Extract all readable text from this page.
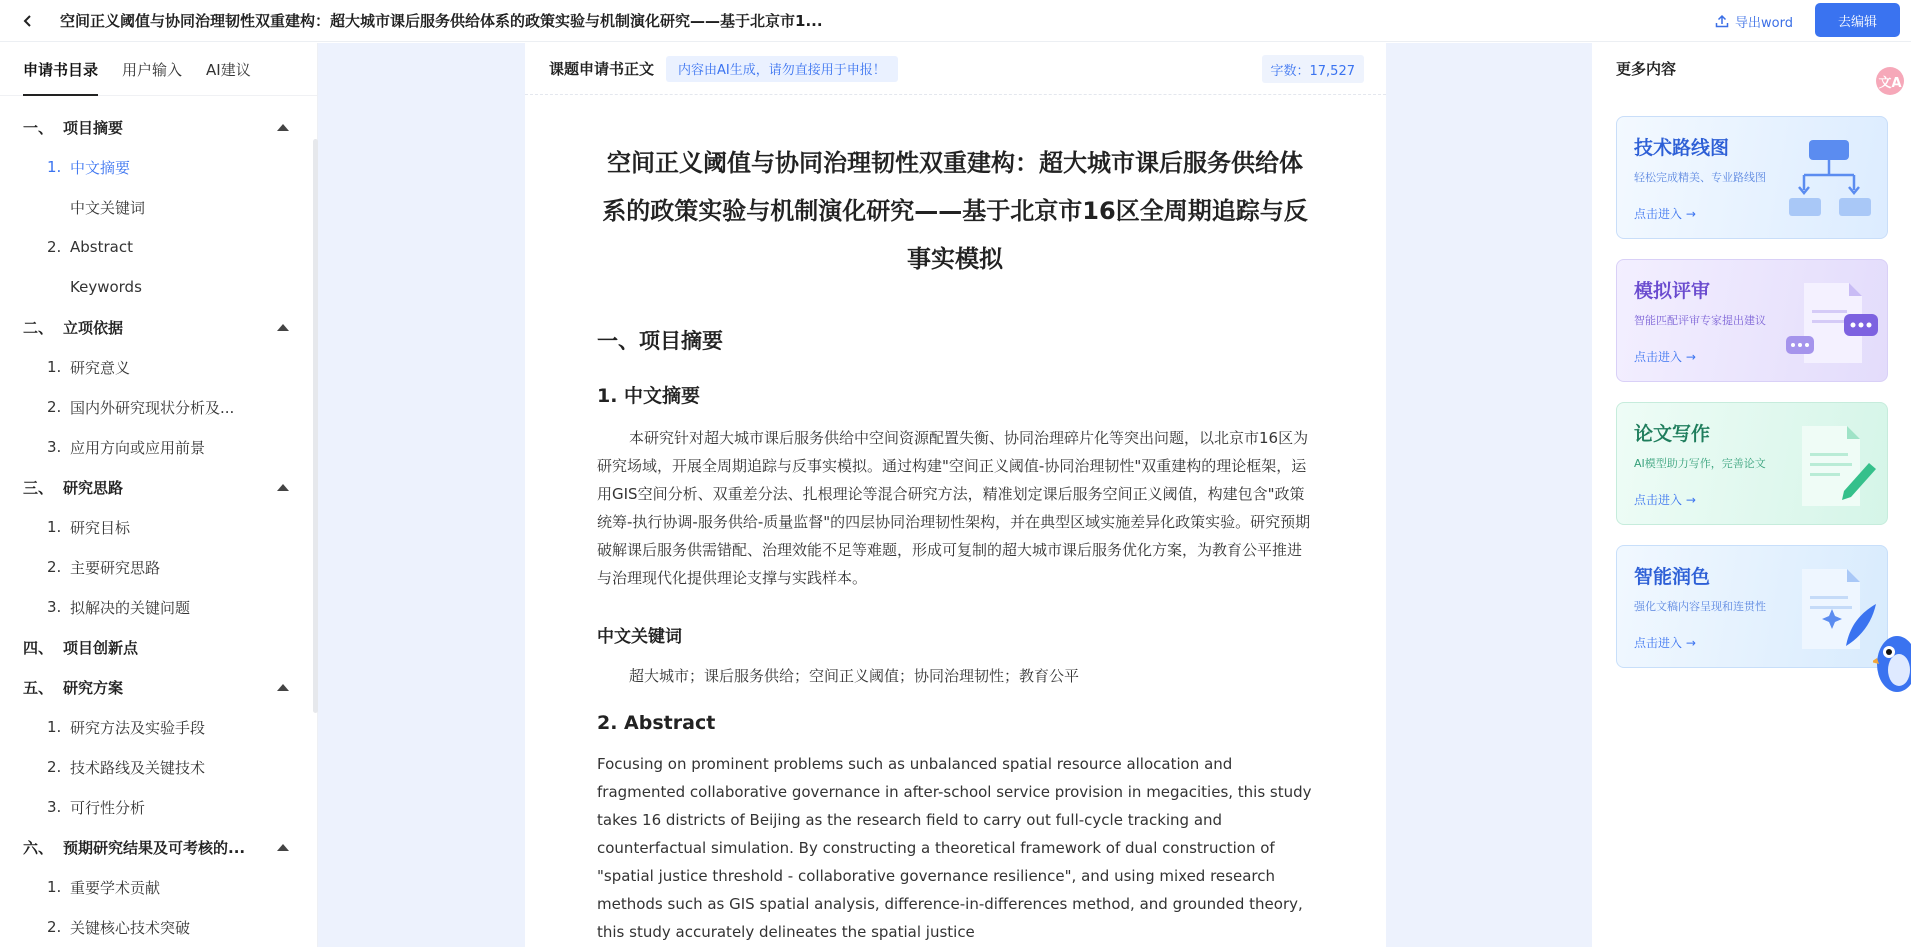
空间正义阈值与协同治理韧性双重建构：超大城市课后服务供给体系的政策实验与机制演化研究——基于北京市1...	导出word	去编辑
申请书目录 用户输入 AI建议
一、 项目摘要
1. 中文摘要
中文关键词
2. Abstract
Keywords
二、 立项依据
1. 研究意义
2. 国内外研究现状分析及...
3. 应用方向或应用前景
三、 研究思路
1. 研究目标
2. 主要研究思路
3. 拟解决的关键问题
四、 项目创新点
五、 研究方案
1. 研究方法及实验手段
2. 技术路线及关键技术
3. 可行性分析
六、 预期研究结果及可考核的...
1. 重要学术贡献
2. 关键核心技术突破
课题申请书正文	内容由AI生成，请勿直接用于申报！	字数：17,527
空间正义阈值与协同治理韧性双重建构：超大城市课后服务供给体系的政策实验与机制演化研究——基于北京市16区全周期追踪与反事实模拟
一、项目摘要
1. 中文摘要
本研究针对超大城市课后服务供给中空间资源配置失衡、协同治理碎片化等突出问题，以北京市16区为研究场域，开展全周期追踪与反事实模拟。通过构建"空间正义阈值-协同治理韧性"双重建构的理论框架，运用GIS空间分析、双重差分法、扎根理论等混合研究方法，精准划定课后服务空间正义阈值，构建包含"政策统筹-执行协调-服务供给-质量监督"的四层协同治理韧性架构，并在典型区域实施差异化政策实验。研究预期破解课后服务供需错配、治理效能不足等难题，形成可复制的超大城市课后服务优化方案，为教育公平推进与治理现代化提供理论支撑与实践样本。
中文关键词
超大城市；课后服务供给；空间正义阈值；协同治理韧性；教育公平
2. Abstract
Focusing on prominent problems such as unbalanced spatial resource allocation and fragmented collaborative governance in after-school service provision in megacities, this study takes 16 districts of Beijing as the research field to carry out full-cycle tracking and counterfactual simulation. By constructing a theoretical framework of dual construction of "spatial justice threshold - collaborative governance resilience", and using mixed research methods such as GIS spatial analysis, difference-in-differences method, and grounded theory, this study accurately delineates the spatial justice
更多内容
技术路线图
轻松完成精美、专业路线图
点击进入 →
模拟评审
智能匹配评审专家提出建议
点击进入 →
论文写作
AI模型助力写作，完善论文
点击进入 →
智能润色
强化文稿内容呈现和连贯性
点击进入 →
文A
